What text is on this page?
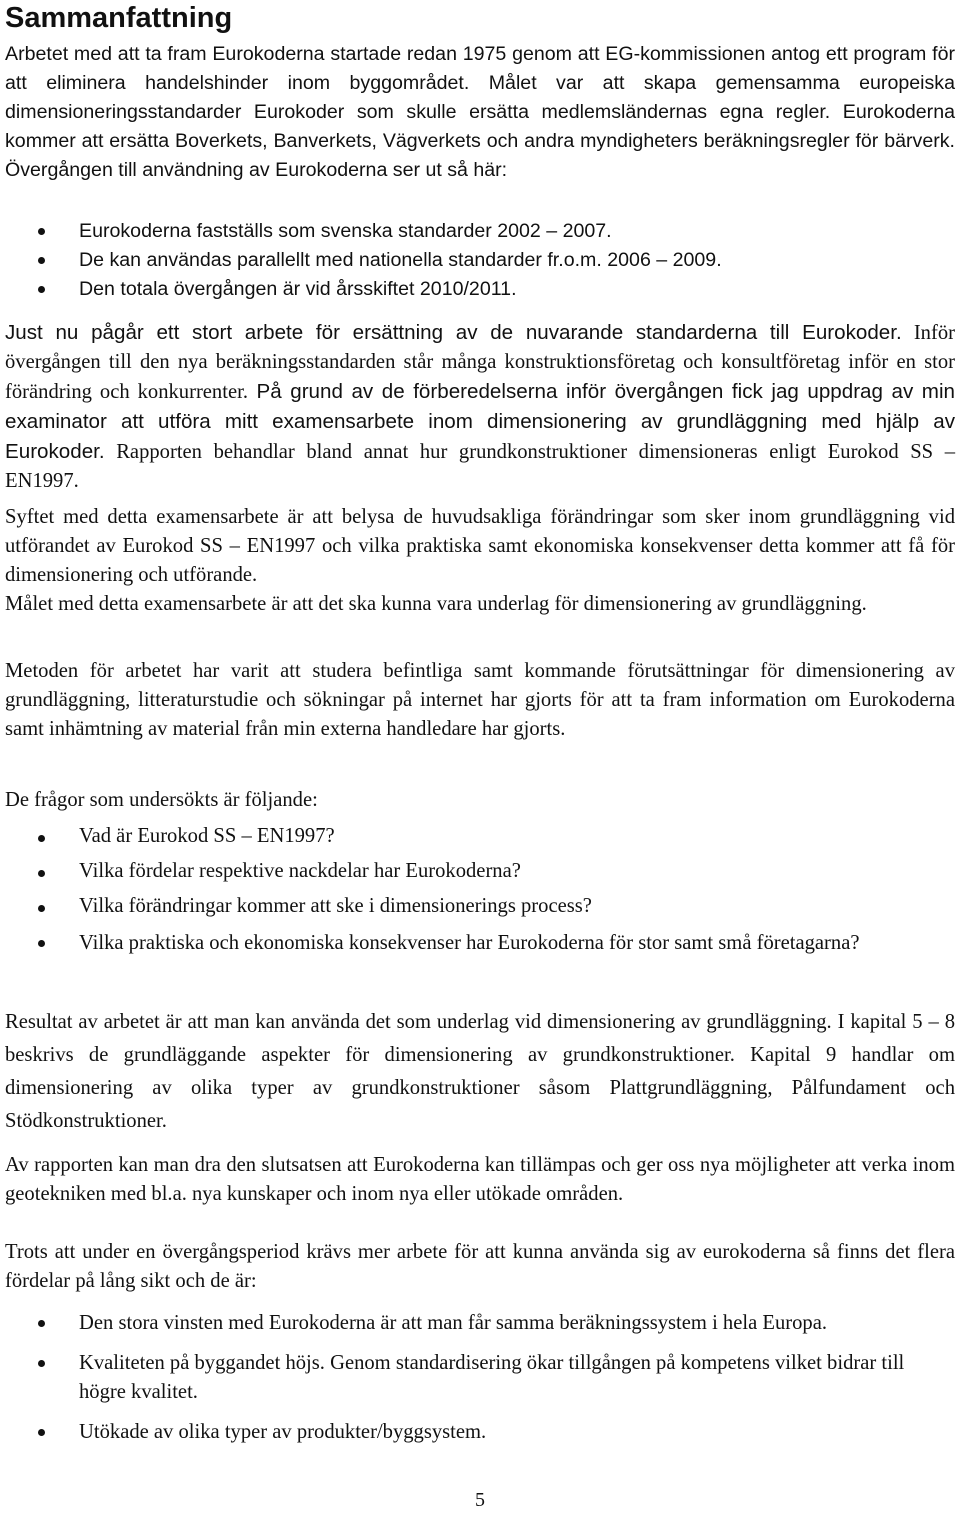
Sammanfattning

Arbetet med att ta fram Eurokoderna startade redan 1975 genom att EG-kommissionen antog ett program för att eliminera handelshinder inom byggområdet. Målet var att skapa gemensamma europeiska dimensioneringsstandarder Eurokoder som skulle ersätta medlemsländernas egna regler. Eurokoderna kommer att ersätta Boverkets, Banverkets, Vägverkets och andra myndigheters beräkningsregler för bärverk. Övergången till användning av Eurokoderna ser ut så här:

Eurokoderna fastställs som svenska standarder 2002 – 2007.
De kan användas parallellt med nationella standarder fr.o.m. 2006 – 2009.
Den totala övergången är vid årsskiftet 2010/2011.

Just nu pågår ett stort arbete för ersättning av de nuvarande standarderna till Eurokoder. Inför övergången till den nya beräkningsstandarden står många konstruktionsföretag och konsultföretag inför en stor förändring och konkurrenter. På grund av de förberedelserna inför övergången fick jag uppdrag av min examinator att utföra mitt examensarbete inom dimensionering av grundläggning med hjälp av Eurokoder. Rapporten behandlar bland annat hur grundkonstruktioner dimensioneras enligt Eurokod SS – EN1997.

Syftet med detta examensarbete är att belysa de huvudsakliga förändringar som sker inom grundläggning vid utförandet av Eurokod SS – EN1997 och vilka praktiska samt ekonomiska konsekvenser detta kommer att få för dimensionering och utförande.

Målet med detta examensarbete är att det ska kunna vara underlag för dimensionering av grundläggning.

Metoden för arbetet har varit att studera befintliga samt kommande förutsättningar för dimensionering av grundläggning, litteraturstudie och sökningar på internet har gjorts för att ta fram information om Eurokoderna samt inhämtning av material från min externa handledare har gjorts.

De frågor som undersökts är följande:

Vad är Eurokod SS – EN1997?
Vilka fördelar respektive nackdelar har Eurokoderna?
Vilka förändringar kommer att ske i dimensionerings process?
Vilka praktiska och ekonomiska konsekvenser har Eurokoderna för stor samt små företagarna?

Resultat av arbetet är att man kan använda det som underlag vid dimensionering av grundläggning. I kapital 5 – 8 beskrivs de grundläggande aspekter för dimensionering av grundkonstruktioner. Kapital 9 handlar om dimensionering av olika typer av grundkonstruktioner såsom Plattgrundläggning, Pålfundament och Stödkonstruktioner.

Av rapporten kan man dra den slutsatsen att Eurokoderna kan tillämpas och ger oss nya möjligheter att verka inom geotekniken med bl.a. nya kunskaper och inom nya eller utökade områden.

Trots att under en övergångsperiod krävs mer arbete för att kunna använda sig av eurokoderna så finns det flera fördelar på lång sikt och de är:

Den stora vinsten med Eurokoderna är att man får samma beräkningssystem i hela Europa.
Kvaliteten på byggandet höjs. Genom standardisering ökar tillgången på kompetens vilket bidrar till högre kvalitet.
Utökade av olika typer av produkter/byggsystem.
5
